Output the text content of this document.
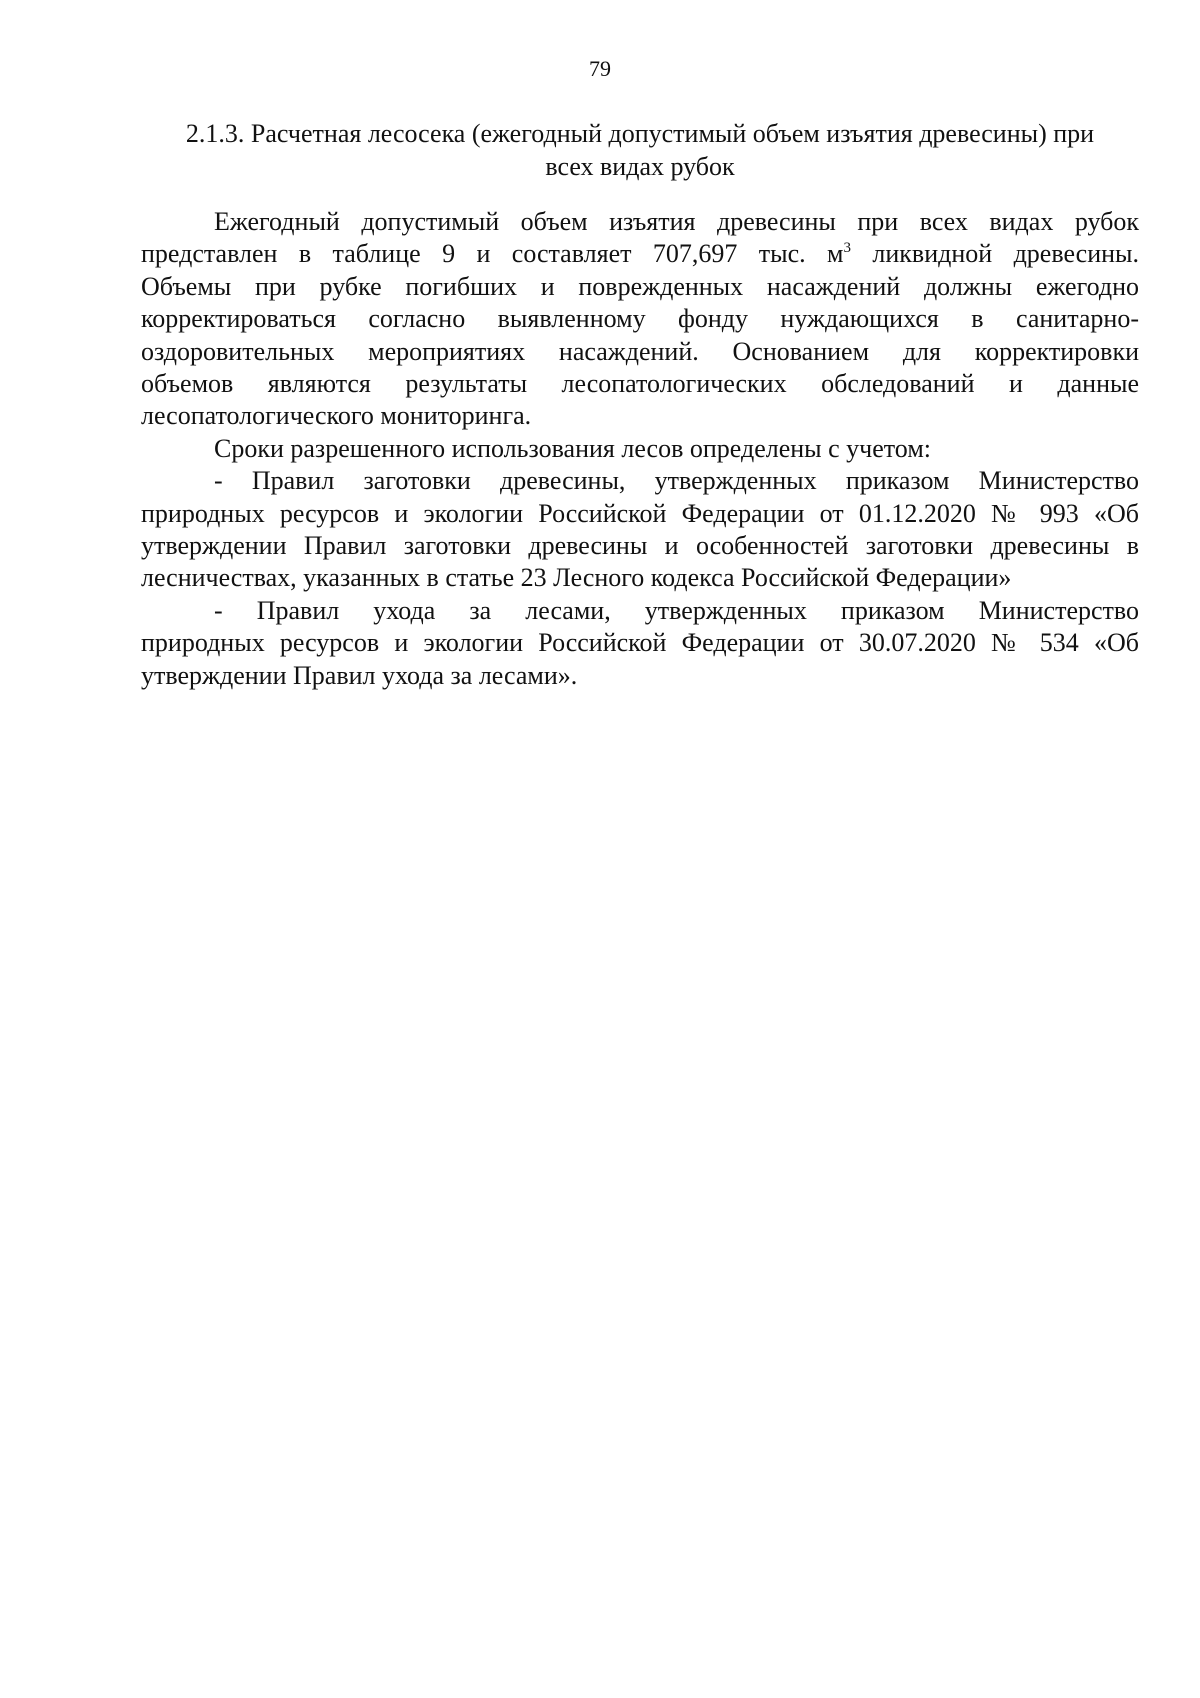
79
2.1.3. Расчетная лесосека (ежегодный допустимый объем изъятия древесины) при
всех видах рубок
Ежегодный допустимый объем изъятия древесины при всех видах рубок
представлен в таблице 9 и составляет 707,697 тыс. $м^3$ ликвидной древесины.
Объемы при рубке погибших и поврежденных насаждений должны ежегодно
корректироваться согласно выявленному фонду нуждающихся в санитарно-
оздоровительных мероприятиях насаждений. Основанием для корректировки
объемов являются результаты лесопатологических обследований и данные
лесопатологического мониторинга.
Сроки разрешенного использования лесов определены с учетом:
- Правил заготовки древесины, утвержденных приказом Министерство
природных ресурсов и экологии Российской Федерации от 01.12.2020 № 993 «Об
утверждении Правил заготовки древесины и особенностей заготовки древесины в
лесничествах, указанных в статье 23 Лесного кодекса Российской Федерации»
- Правил ухода за лесами, утвержденных приказом Министерство
природных ресурсов и экологии Российской Федерации от 30.07.2020 № 534 «Об
утверждении Правил ухода за лесами».
